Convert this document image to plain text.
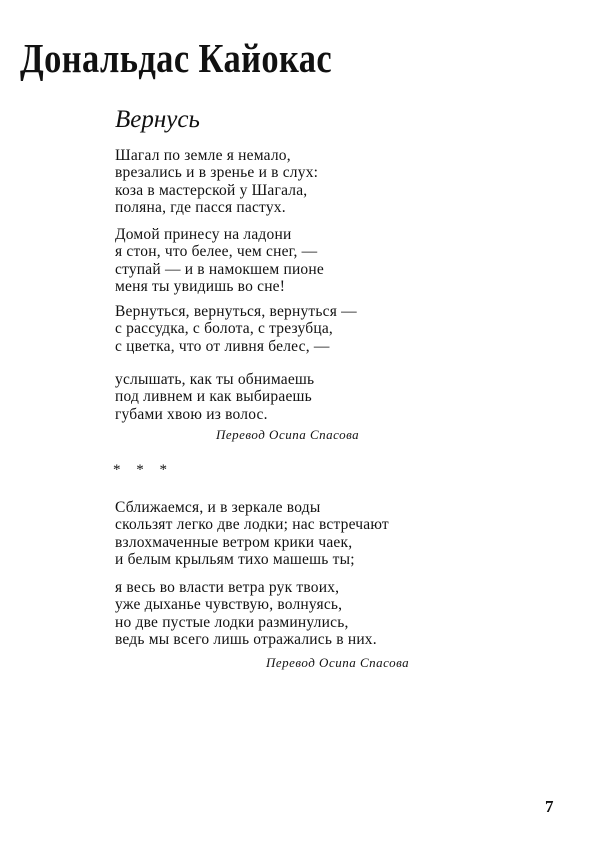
Дональдас Кайокас
Вернусь
Шагал по земле я немало,
врезались и в зренье и в слух:
коза в мастерской у Шагала,
поляна, где пасся пастух.
Домой принесу на ладони
я стон, что белее, чем снег, —
ступай — и в намокшем пионе
меня ты увидишь во сне!
Вернуться, вернуться, вернуться —
с рассудка, с болота, с трезубца,
с цветка, что от ливня белес, —
услышать, как ты обнимаешь
под ливнем и как выбираешь
губами хвою из волос.
Перевод Осипа Спасова
* * *
Сближаемся, и в зеркале воды
скользят легко две лодки; нас встречают
взлохмаченные ветром крики чаек,
и белым крыльям тихо машешь ты;
я весь во власти ветра рук твоих,
уже дыханье чувствую, волнуясь,
но две пустые лодки разминулись,
ведь мы всего лишь отражались в них.
Перевод Осипа Спасова
7
